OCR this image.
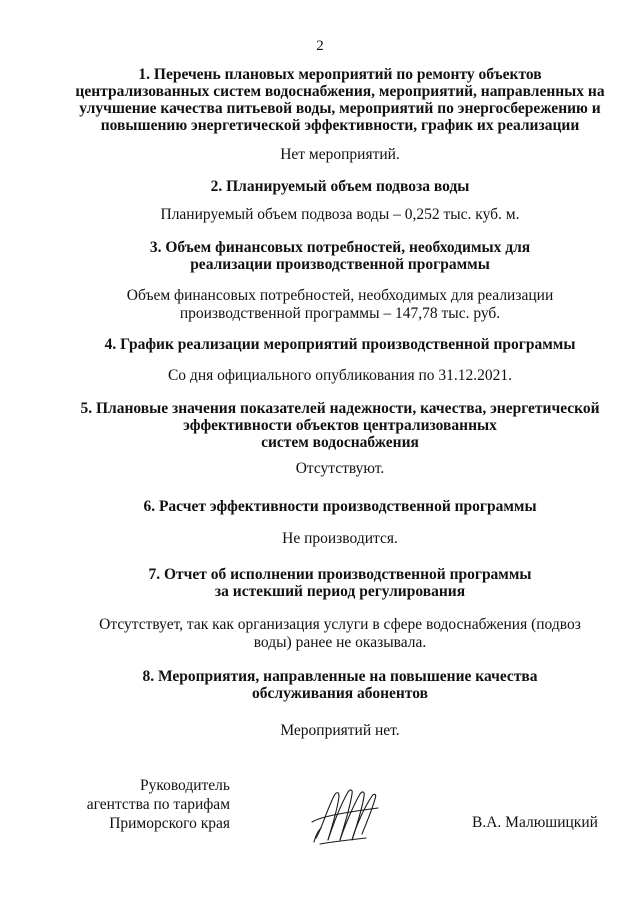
2
1. Перечень плановых мероприятий по ремонту объектов
централизованных систем водоснабжения, мероприятий, направленных на
улучшение качества питьевой воды, мероприятий по энергосбережению и
повышению энергетической эффективности, график их реализации
Нет мероприятий.
2. Планируемый объем подвоза воды
Планируемый объем подвоза воды – 0,252 тыс. куб. м.
3. Объем финансовых потребностей, необходимых для
реализации производственной программы
Объем финансовых потребностей, необходимых для реализации
производственной программы – 147,78 тыс. руб.
4. График реализации мероприятий производственной программы
Со дня официального опубликования по 31.12.2021.
5. Плановые значения показателей надежности, качества, энергетической
эффективности объектов централизованных
систем водоснабжения
Отсутствуют.
6. Расчет эффективности производственной программы
Не производится.
7. Отчет об исполнении производственной программы
за истекший период регулирования
Отсутствует, так как организация услуги в сфере водоснабжения (подвоз
воды) ранее не оказывала.
8. Мероприятия, направленные на повышение качества
обслуживания абонентов
Мероприятий нет.
Руководитель
агентства по тарифам
Приморского края	В.А. Малюшицкий
